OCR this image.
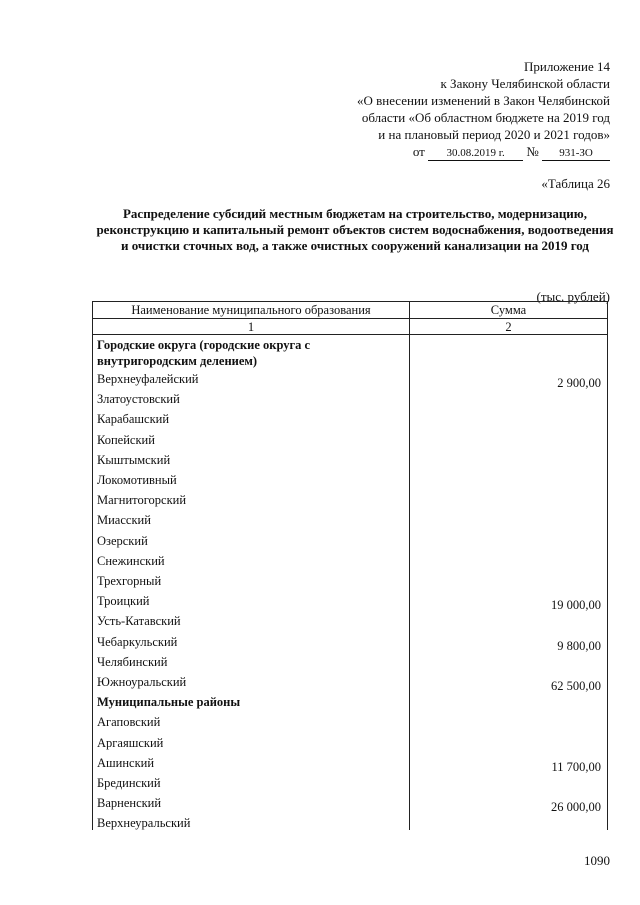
Приложение 14
к Закону Челябинской области
«О внесении изменений в Закон Челябинской
области «Об областном бюджете на 2019 год
и на плановый период 2020 и 2021 годов»
от 30.08.2019 г. № 931-ЗО
«Таблица 26
Распределение субсидий местным бюджетам на строительство, модернизацию, реконструкцию и капитальный ремонт объектов систем водоснабжения, водоотведения и очистки сточных вод, а также очистных сооружений канализации на 2019 год
(тыс. рублей)
Наименование муниципального образования	Сумма
1	2
Городские округа (городские округа с внутригородским делением)
Верхнеуфалейский	2 900,00
Златоустовский
Карабашский
Копейский
Кыштымский
Локомотивный
Магнитогорский
Миасский
Озерский
Снежинский
Трехгорный
Троицкий	19 000,00
Усть-Катавский
Чебаркульский	9 800,00
Челябинский
Южноуральский	62 500,00
Муниципальные районы
Агаповский
Аргаяшский
Ашинский	11 700,00
Брединский
Варненский	26 000,00
Верхнеуральский
1090
